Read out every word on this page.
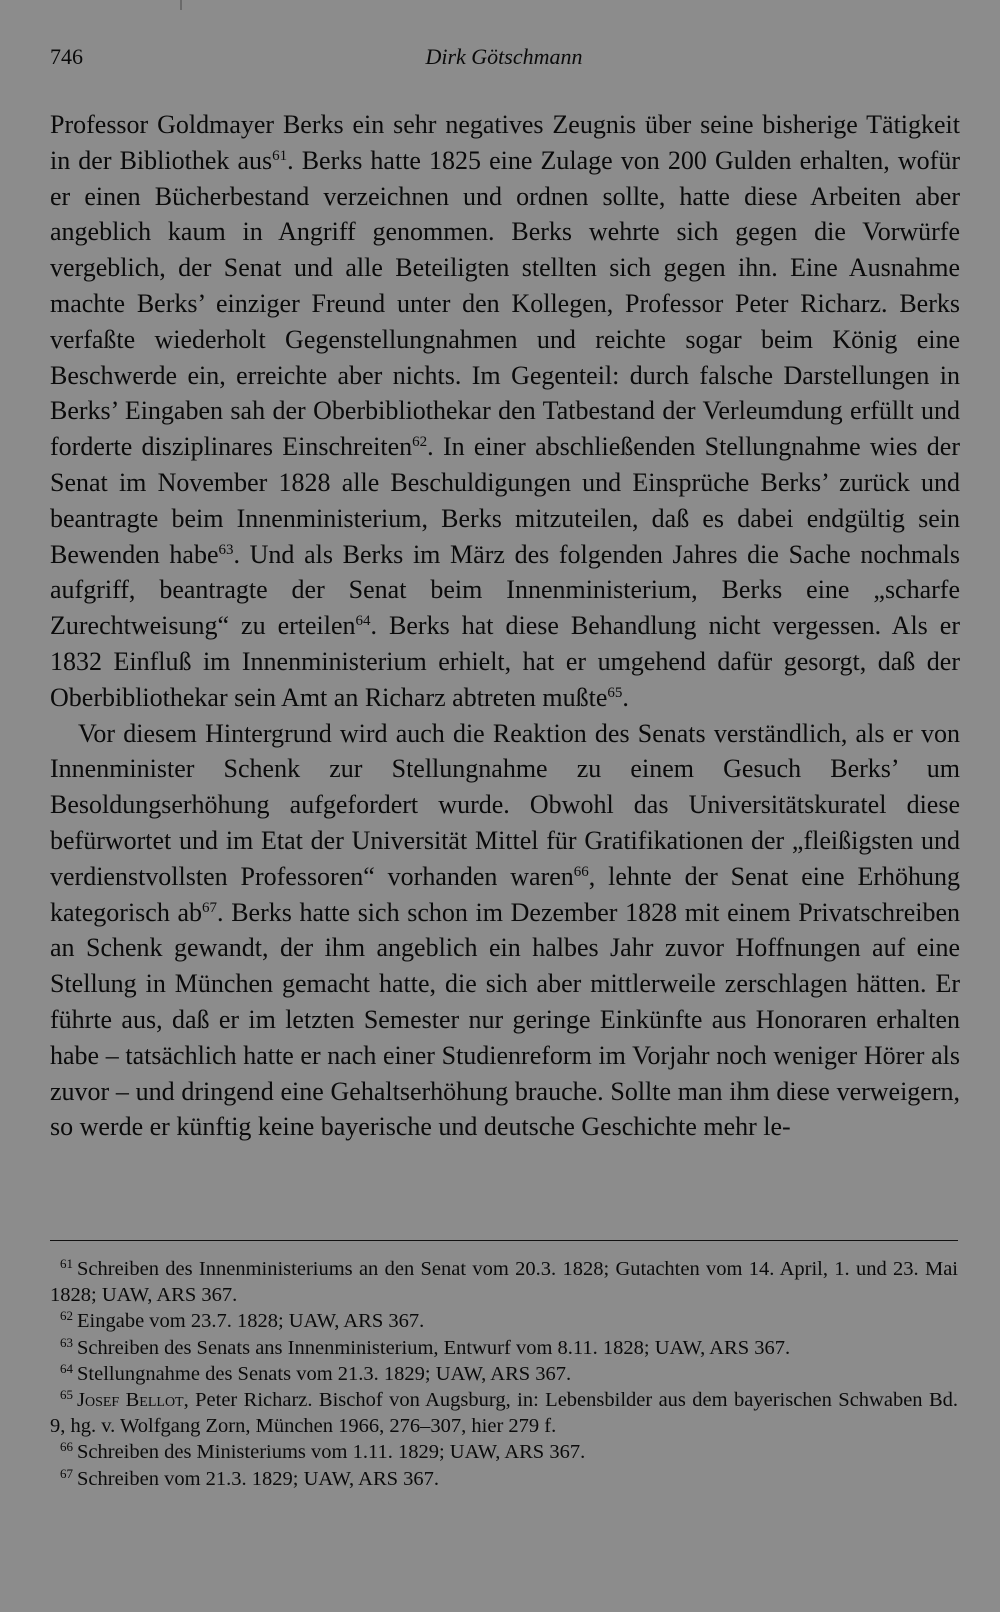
746	Dirk Götschmann

Professor Goldmayer Berks ein sehr negatives Zeugnis über seine bisherige Tätigkeit in der Bibliothek aus$^{61}$. Berks hatte 1825 eine Zulage von 200 Gulden erhalten, wofür er einen Bücherbestand verzeichnen und ordnen sollte, hatte diese Arbeiten aber angeblich kaum in Angriff genommen. Berks wehrte sich gegen die Vorwürfe vergeblich, der Senat und alle Beteiligten stellten sich gegen ihn. Eine Ausnahme machte Berks’ einziger Freund unter den Kollegen, Professor Peter Richarz. Berks verfaßte wiederholt Gegenstellungnahmen und reichte sogar beim König eine Beschwerde ein, erreichte aber nichts. Im Gegenteil: durch falsche Darstellungen in Berks’ Eingaben sah der Oberbibliothekar den Tatbestand der Verleumdung erfüllt und forderte disziplinares Einschreiten$^{62}$. In einer abschließenden Stellungnahme wies der Senat im November 1828 alle Beschuldigungen und Einsprüche Berks’ zurück und beantragte beim Innenministerium, Berks mitzuteilen, daß es dabei endgültig sein Bewenden habe$^{63}$. Und als Berks im März des folgenden Jahres die Sache nochmals aufgriff, beantragte der Senat beim Innenministerium, Berks eine „scharfe Zurechtweisung“ zu erteilen$^{64}$. Berks hat diese Behandlung nicht vergessen. Als er 1832 Einfluß im Innenministerium erhielt, hat er umgehend dafür gesorgt, daß der Oberbibliothekar sein Amt an Richarz abtreten mußte$^{65}$.

Vor diesem Hintergrund wird auch die Reaktion des Senats verständlich, als er von Innenminister Schenk zur Stellungnahme zu einem Gesuch Berks’ um Besoldungserhöhung aufgefordert wurde. Obwohl das Universitätskuratel diese befürwortet und im Etat der Universität Mittel für Gratifikationen der „fleißigsten und verdienstvollsten Professoren“ vorhanden waren$^{66}$, lehnte der Senat eine Erhöhung kategorisch $ab^{67}$. Berks hatte sich schon im Dezember 1828 mit einem Privatschreiben an Schenk gewandt, der ihm angeblich ein halbes Jahr zuvor Hoffnungen auf eine Stellung in München gemacht hatte, die sich aber mittlerweile zerschlagen hätten. Er führte aus, daß er im letzten Semester nur geringe Einkünfte aus Honoraren erhalten habe – tatsächlich hatte er nach einer Studienreform im Vorjahr noch weniger Hörer als zuvor – und dringend eine Gehaltserhöhung brauche. Sollte man ihm diese verweigern, so werde er künftig keine bayerische und deutsche Geschichte mehr le-

$^{61}$ Schreiben des Innenministeriums an den Senat vom 20.3. 1828; Gutachten vom 14. April, 1. und 23. Mai 1828; UAW, ARS 367.

$^{62}$ Eingabe vom 23.7. 1828; UAW, ARS 367.

$^{63}$ Schreiben des Senats ans Innenministerium, Entwurf vom 8.11. 1828; UAW, ARS 367.

$^{64}$ Stellungnahme des Senats vom 21.3. 1829; UAW, ARS 367.

$^{65}$ Josef Bellot, Peter Richarz. Bischof von Augsburg, in: Lebensbilder aus dem bayerischen Schwaben Bd. 9, hg. v. Wolfgang Zorn, München 1966, 276–307, hier 279 f.

$^{66}$ Schreiben des Ministeriums vom 1.11. 1829; UAW, ARS 367.

$^{67}$ Schreiben vom 21.3. 1829; UAW, ARS 367.
